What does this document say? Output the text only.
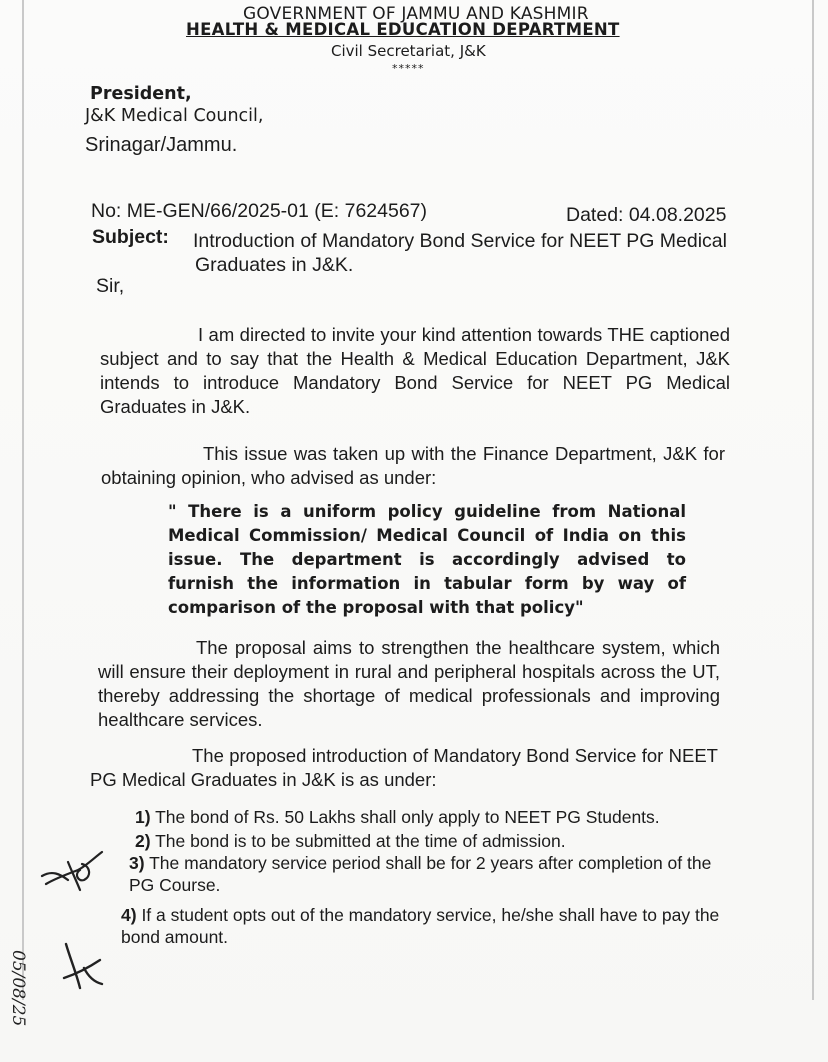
GOVERNMENT OF JAMMU AND KASHMIR
HEALTH & MEDICAL EDUCATION DEPARTMENT
Civil Secretariat, J&K
*****
President,
J&K Medical Council,
Srinagar/Jammu.
No: ME-GEN/66/2025-01 (E: 7624567)	Dated: 04.08.2025
Subject: Introduction of Mandatory Bond Service for NEET PG Medical
Graduates in J&K.
Sir,
I am directed to invite your kind attention towards THE captioned subject and to say that the Health & Medical Education Department, J&K intends to introduce Mandatory Bond Service for NEET PG Medical Graduates in J&K.
This issue was taken up with the Finance Department, J&K for obtaining opinion, who advised as under:
" There is a uniform policy guideline from National Medical Commission/ Medical Council of India on this issue. The department is accordingly advised to furnish the information in tabular form by way of comparison of the proposal with that policy"
The proposal aims to strengthen the healthcare system, which will ensure their deployment in rural and peripheral hospitals across the UT, thereby addressing the shortage of medical professionals and improving healthcare services.
The proposed introduction of Mandatory Bond Service for NEET PG Medical Graduates in J&K is as under:
1) The bond of Rs. 50 Lakhs shall only apply to NEET PG Students.
2) The bond is to be submitted at the time of admission.
3) The mandatory service period shall be for 2 years after completion of the PG Course.
4) If a student opts out of the mandatory service, he/she shall have to pay the bond amount.
05/08/25
